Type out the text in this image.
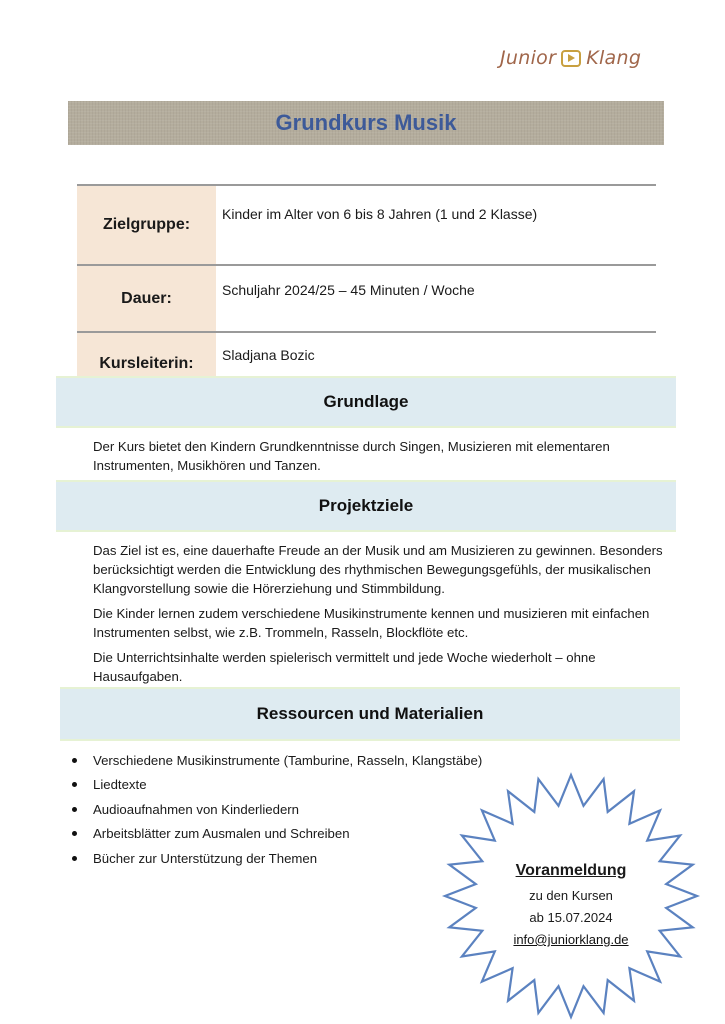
Junior Klang
Grundkurs Musik
Zielgruppe:	Kinder im Alter von 6 bis 8 Jahren (1 und 2 Klasse)
Dauer:	Schuljahr 2024/25 – 45 Minuten / Woche
Kursleiterin:	Sladjana Bozic
Grundlage

Der Kurs bietet den Kindern Grundkenntnisse durch Singen, Musizieren mit elementaren Instrumenten, Musikhören und Tanzen.

Projektziele

Das Ziel ist es, eine dauerhafte Freude an der Musik und am Musizieren zu gewinnen. Besonders berücksichtigt werden die Entwicklung des rhythmischen Bewegungsgefühls, der musikalischen Klangvorstellung sowie die Hörerziehung und Stimmbildung.

Die Kinder lernen zudem verschiedene Musikinstrumente kennen und musizieren mit einfachen Instrumenten selbst, wie z.B. Trommeln, Rasseln, Blockflöte etc.

Die Unterrichtsinhalte werden spielerisch vermittelt und jede Woche wiederholt – ohne Hausaufgaben.

Ressourcen und Materialien
Verschiedene Musikinstrumente (Tamburine, Rasseln, Klangstäbe)
Liedtexte
Audioaufnahmen von Kinderliedern
Arbeitsblätter zum Ausmalen und Schreiben
Bücher zur Unterstützung der Themen
Voranmeldung
zu den Kursen
ab 15.07.2024
info@juniorklang.de
